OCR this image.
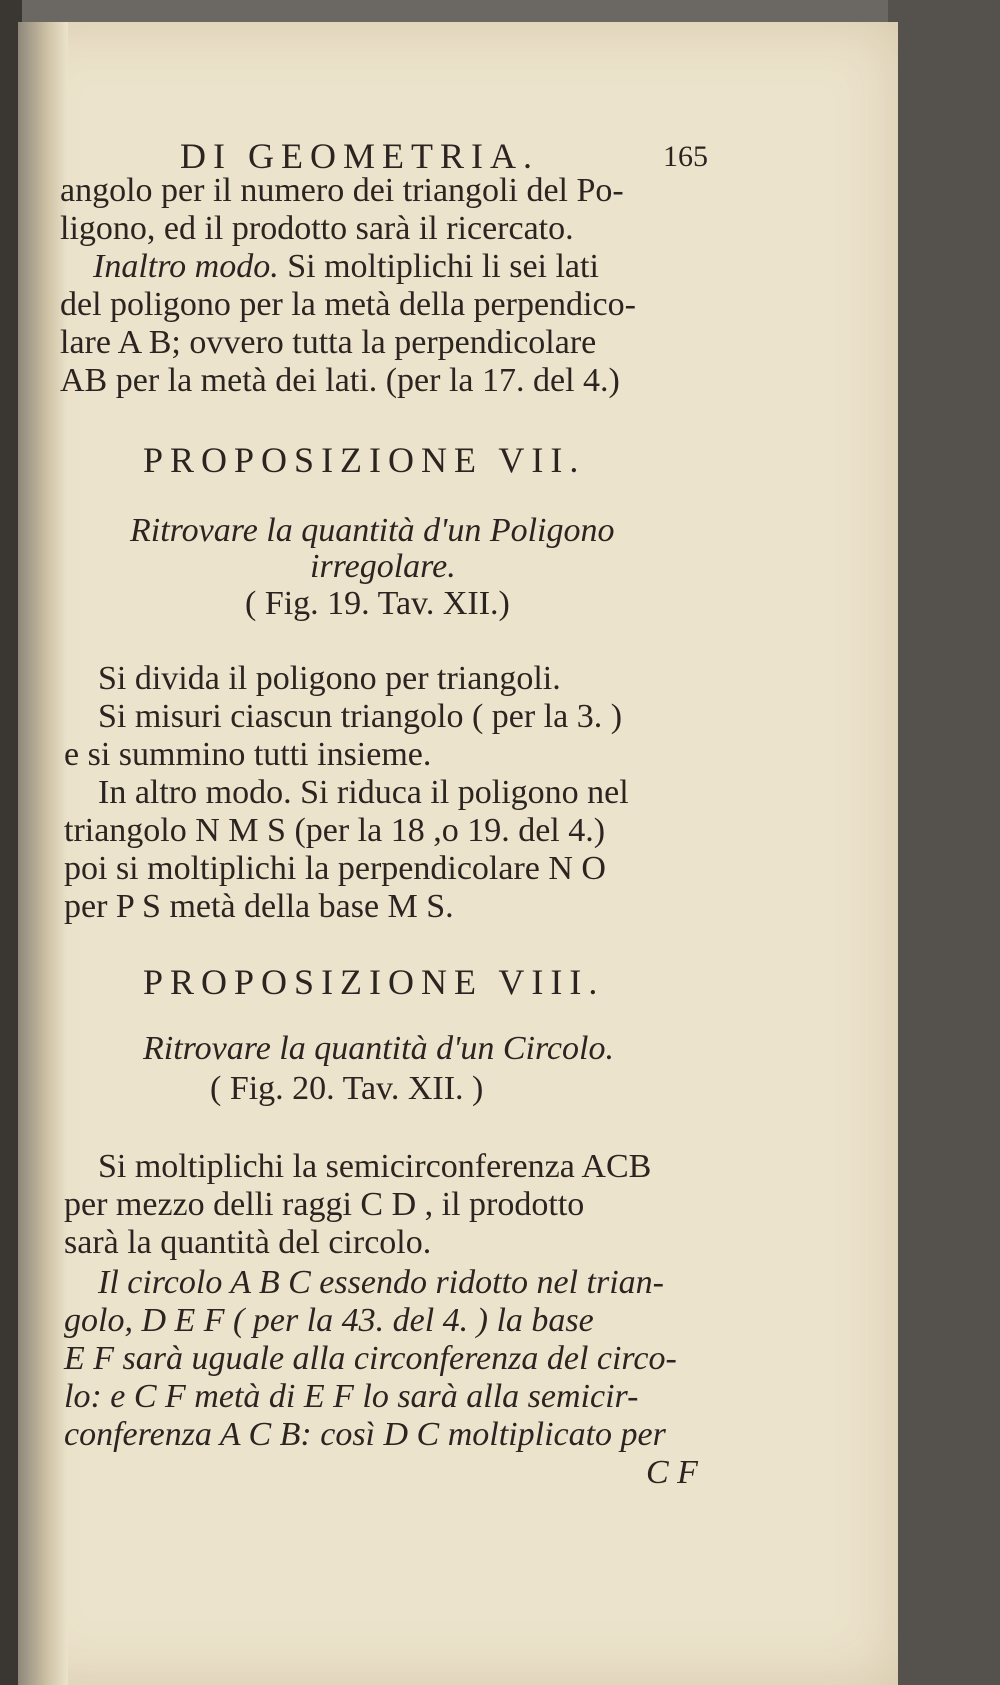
DI GEOMETRIA.	165
angolo per il numero dei triangoli del Po-
ligono, ed il prodotto sarà il ricercato.
Inaltro modo. Si moltiplichi li sei lati
del poligono per la metà della perpendico-
lare A B; ovvero tutta la perpendicolare
AB per la metà dei lati. (per la 17. del 4.)
PROPOSIZIONE VII.
Ritrovare la quantità d'un Poligono
irregolare.
( Fig. 19. Tav. XII.)
Si divida il poligono per triangoli.
Si misuri ciascun triangolo ( per la 3. )
e si summino tutti insieme.
In altro modo. Si riduca il poligono nel
triangolo N M S (per la 18 ,o 19. del 4.)
poi si moltiplichi la perpendicolare N O
per P S metà della base M S.
PROPOSIZIONE VIII.
Ritrovare la quantità d'un Circolo.
( Fig. 20. Tav. XII. )
Si moltiplichi la semicirconferenza ACB
per mezzo delli raggi C D , il prodotto
sarà la quantità del circolo.
Il circolo A B C essendo ridotto nel trian-
golo, D E F ( per la 43. del 4. ) la base
E F sarà uguale alla circonferenza del circo-
lo: e C F metà di E F lo sarà alla semicir-
conferenza A C B: così D C moltiplicato per
C F
